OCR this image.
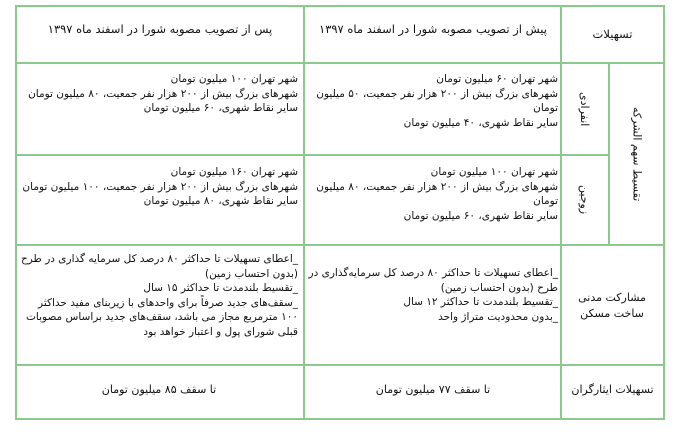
پس از تصویب مصوبه شورا در اسفند ماه ۱۳۹۷	پیش از تصویب مصوبه شورا در اسفند ماه ۱۳۹۷	تسهیلات
تقسیط سهم الشرکه
انفرادی
شهر تهران ۶۰ میلیون تومان
شهرهای بزرگ بیش از ۲۰۰ هزار نفر جمعیت، ۵۰ میلیون تومان
سایر نقاط شهری، ۴۰ میلیون تومان
شهر تهران ۱۰۰ میلیون تومان
شهرهای بزرگ بیش از ۲۰۰ هزار نفر جمعیت، ۸۰ میلیون تومان
سایر نقاط شهری، ۶۰ میلیون تومان
زوجین
شهر تهران ۱۰۰ میلیون تومان
شهرهای بزرگ بیش از ۲۰۰ هزار نفر جمعیت، ۸۰ میلیون تومان
سایر نقاط شهری، ۶۰ میلیون تومان
شهر تهران ۱۶۰ میلیون تومان
شهرهای بزرگ بیش از ۲۰۰ هزار نفر جمعیت، ۱۰۰ میلیون تومان
سایر نقاط شهری، ۸۰ میلیون تومان
مشارکت مدنی ساخت مسکن
_اعطای تسهیلات تا حداکثر ۸۰ درصد کل سرمایه‌گذاری در طرح (بدون احتساب زمین)
_تقسیط بلندمدت تا حداکثر ۱۲ سال
_بدون محدودیت متراژ واحد
_اعطای تسهیلات تا حداکثر ۸۰ درصد کل سرمایه گذاری در طرح (بدون احتساب زمین)
_تقسیط بلندمدت تا حداکثر ۱۵ سال
_سقف‌های جدید صرفاً برای واحدهای با زیربنای مفید حداکثر ۱۰۰ مترمربع مجاز می باشد، سقف‌های جدید براساس مصوبات قبلی شورای پول و اعتبار خواهد بود
تسهیلات ایثارگران
تا سقف ۷۷ میلیون تومان
تا سقف ۸۵ میلیون تومان
